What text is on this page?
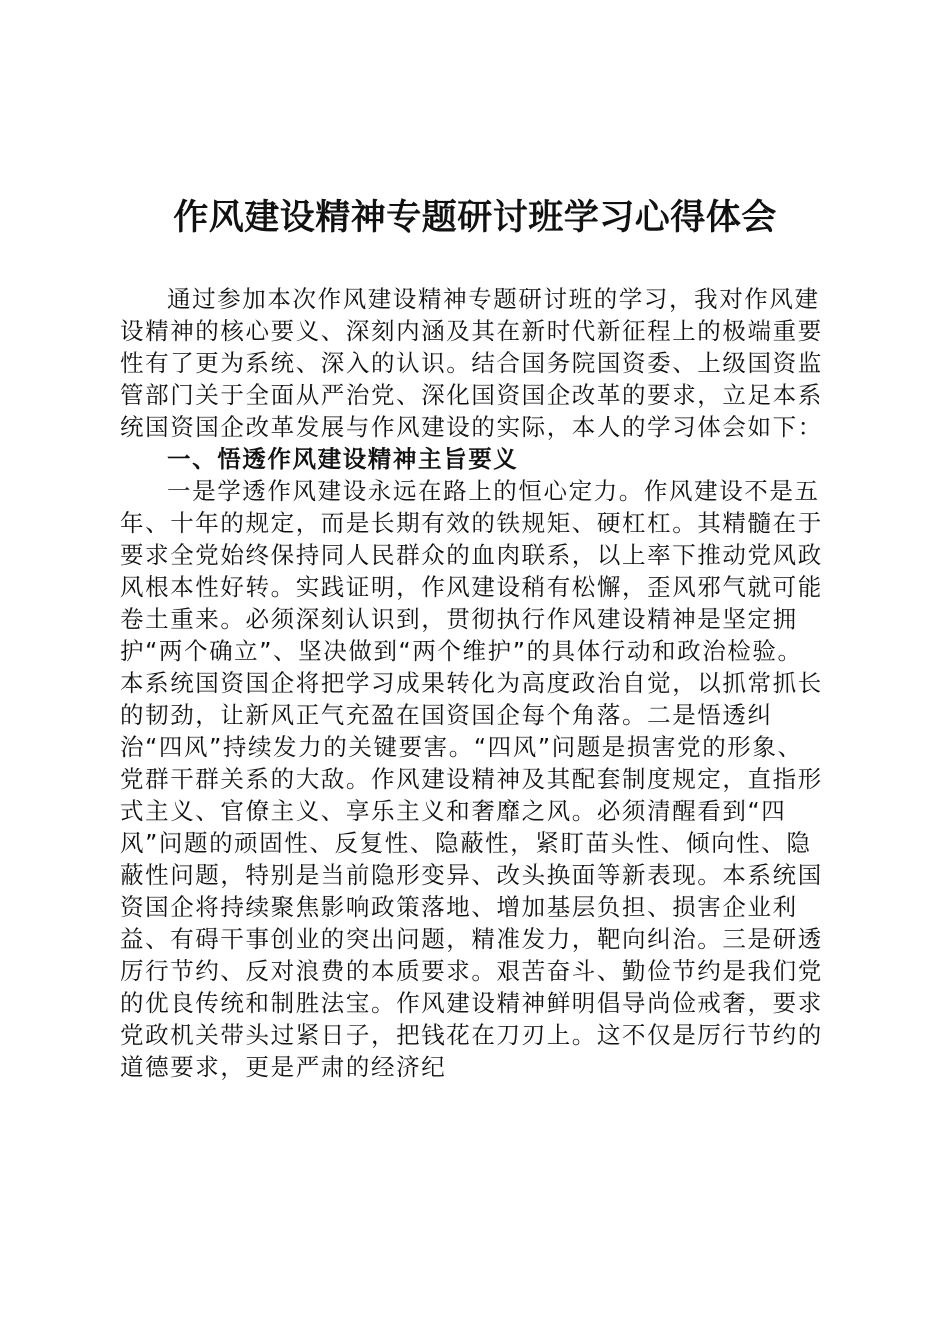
作风建设精神专题研讨班学习心得体会

通过参加本次作风建设精神专题研讨班的学习，我对作风建设精神的核心要义、深刻内涵及其在新时代新征程上的极端重要性有了更为系统、深入的认识。结合国务院国资委、上级国资监管部门关于全面从严治党、深化国资国企改革的要求，立足本系统国资国企改革发展与作风建设的实际，本人的学习体会如下：

一、悟透作风建设精神主旨要义

一是学透作风建设永远在路上的恒心定力。作风建设不是五年、十年的规定，而是长期有效的铁规矩、硬杠杠。其精髓在于要求全党始终保持同人民群众的血肉联系，以上率下推动党风政风根本性好转。实践证明，作风建设稍有松懈，歪风邪气就可能卷土重来。必须深刻认识到，贯彻执行作风建设精神是坚定拥护“两个确立”、坚决做到“两个维护”的具体行动和政治检验。本系统国资国企将把学习成果转化为高度政治自觉，以抓常抓长的韧劲，让新风正气充盈在国资国企每个角落。二是悟透纠治“四风”持续发力的关键要害。“四风”问题是损害党的形象、党群干群关系的大敌。作风建设精神及其配套制度规定，直指形式主义、官僚主义、享乐主义和奢靡之风。必须清醒看到“四风”问题的顽固性、反复性、隐蔽性，紧盯苗头性、倾向性、隐蔽性问题，特别是当前隐形变异、改头换面等新表现。本系统国资国企将持续聚焦影响政策落地、增加基层负担、损害企业利益、有碍干事创业的突出问题，精准发力，靶向纠治。三是研透厉行节约、反对浪费的本质要求。艰苦奋斗、勤俭节约是我们党的优良传统和制胜法宝。作风建设精神鲜明倡导尚俭戒奢，要求党政机关带头过紧日子，把钱花在刀刃上。这不仅是厉行节约的道德要求，更是严肃的经济纪
